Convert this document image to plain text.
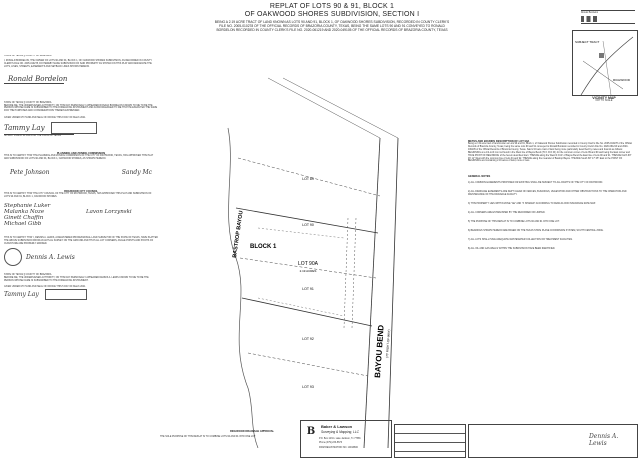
REPLAT OF LOTS 90 & 91, BLOCK 1
OF OAKWOOD SHORES SUBDIVISION, SECTION I
BEING A 2.19 ACRE TRACT OF LAND KNOWN AS LOTS 90 AND 91, BLOCK 1, OF OAKWOOD SHORES SUBDIVISION, RECORDED IN COUNTY CLERK'S FILE NO. 2005-010278 OF THE OFFICIAL RECORDS OF BRAZORIA COUNTY, TEXAS, BEING THE SAME LOTS 90 AND 91 CONVEYED TO RONALD BORDELON RECORDED IN COUNTY CLERK'S FILE NO. 2020-061219 AND 2020-049105 OF THE OFFICIAL RECORDS OF BRAZORIA COUNTY, TEXAS
Ronald Bordelon
STATE OF TEXAS § COUNTY OF BRAZORIA
I, RONALD BORDELON, THE OWNER OF LOTS 90 AND 91, BLOCK 1, OF OAKWOOD SHORES SUBDIVISION, AS RECORDED IN COUNTY CLERK'S FILE NO. 2005-010278, DO HEREBY MAKE SUBDIVISION OF SAID PROPERTY AS SHOWN ON THIS PLAT AND DESIGNATE THE LOTS, LINES, STREETS, EASEMENTS AND SETBACK LINES SHOWN HEREON.
Ronald Bordelon
STATE OF TEXAS § COUNTY OF BRAZORIA
BEFORE ME, THE UNDERSIGNED AUTHORITY, ON THIS DAY PERSONALLY APPEARED RONALD BORDELON KNOWN TO ME TO BE THE PERSON WHOSE NAME IS SUBSCRIBED TO THE FOREGOING INSTRUMENT AND ACKNOWLEDGED TO ME THAT HE EXECUTED THE SAME FOR THE PURPOSES AND CONSIDERATIONS THEREIN EXPRESSED.
GIVEN UNDER MY HAND AND SEAL OF OFFICE THIS 8 DAY OF March 2021.
Tammy Lay
NOTARY PUBLIC IN AND FOR THE STATE OF TEXAS
PLANNING AND ZONING COMMISSION
THIS IS TO CERTIFY THAT THE PLANNING AND ZONING COMMISSION OF THE CITY OF RICHWOOD, TEXAS, HAS APPROVED THIS PLAT AND SUBDIVISION OF LOTS 90 AND 91, BLOCK 1, OAKWOOD SHORES, AS SHOWN HEREON.
Pete Johnson	Sandy Mc
RICHWOOD CITY COUNCIL
THIS IS TO CERTIFY THAT THE CITY COUNCIL OF THE CITY OF RICHWOOD, TEXAS, HAS APPROVED THIS PLAT AND SUBDIVISION OF LOTS 90 AND 91, BLOCK 1, OAKWOOD SHORES.
Stephanie Luker
Malanka Noze
Ginett Chaffin
Michael Gibb
Lavon Lorzynski
THIS IS TO CERTIFY THAT I, DENNIS A. LEWIS, A REGISTERED PROFESSIONAL LAND SURVEYOR OF THE STATE OF TEXAS, HAVE PLATTED THE ABOVE SUBDIVISION FROM AN ACTUAL SURVEY ON THE GROUND AND THAT ALL LOT CORNERS, ANGLE POINTS AND POINTS OF CURVATURE ARE PROPERLY MARKED.
Dennis A. Lewis
STATE OF TEXAS § COUNTY OF BRAZORIA
BEFORE ME, THE UNDERSIGNED AUTHORITY, ON THIS DAY PERSONALLY APPEARED DENNIS A. LEWIS KNOWN TO ME TO BE THE PERSON WHOSE NAME IS SUBSCRIBED TO THE FOREGOING INSTRUMENT.
GIVEN UNDER MY HAND AND SEAL OF OFFICE THIS 5 DAY OF March 2021.
Tammy Lay
LOT 89
LOT 90
LOT 91
LOT 92
LOT 93
BLOCK 1
LOT 90A
2.19 ACRES
BASTROP BAYOU
BAYOU BEND (70' RIGHT-OF-WAY)
SUBJECT TRACT
RICHWOOD
VICINITY MAP
NOT TO SCALE
METES AND BOUNDS DESCRIPTION OF LOT 90A
Being a 2.19 acre tract of land known as Lots 90 and 91, Block 1, of Oakwood Shores Subdivision recorded in County Clerk's File No. 2005-010278 of the Official Records of Brazoria County, Texas; being the same Lots 90 and 91 conveyed to Ronald Bordelon recorded in County Clerk's File No. 2020-061219 and 2020-049105 of the Official Records of Brazoria County, Texas. Said 2.19 acre tract of land being more particularly described by metes and bounds as follows: BEGINNING at a 1/2-inch iron rod found in the West line of Bayou Bend (70 ft. R.O.W.) for the common corner of Lots 89 and 90 and being the East corner and TRUE POINT OF BEGINNING of the herein described tract. THENCE along the West R.O.W. of Bayou Bend the East line of Lots 90 and 91. THENCE North 69° 46' 11" West with the common line of Lots 91 and 92. THENCE along the meander of Bastrop Bayou. THENCE South 69° 17' 05" East to the POINT OF BEGINNING and containing 2.19 acres of land, more or less.
GENERAL NOTES
1) ALL COMMON EASEMENTS PROPOSED OR EXISTING SHALL BE SUBJECT TO ALL RIGHTS OF THE CITY OF RICHWOOD.
2) ALL DRAINAGE EASEMENTS ARE KEPT CLEAR OF FENCES, BUILDINGS, VEGETATION AND OTHER OBSTRUCTIONS TO THE OPERATION AND MAINTENANCE OF THE DRAINAGE FACILITY.
3) THIS PROPERTY LIES WITHIN ZONE "AE" AND "X SHADED" ACCORDING TO FEMA FLOOD INSURANCE RATE MAP.
4) ALL CORNERS ARE ESTABLISHED BY THE RECORDED OR LIMITED.
5) THE PURPOSE OF THIS REPLAT IS TO COMBINE LOTS 90 AND 91 INTO ONE LOT.
6) BEARINGS SHOWN HEREON ARE BASED ON THE TEXAS STATE PLANE COORDINATE SYSTEM, SOUTH CENTRAL ZONE.
7) ALL LOTS SHALL HAVE ADEQUATE WASTEWATER COLLECTION OR TREATMENT FACILITIES.
8) ALL OIL AND GAS WELLS WITHIN THE SUBDIVISION HAVE BEEN IDENTIFIED.
THE SOLE PURPOSE OF THIS REPLAT IS TO COMBINE LOTS 90 AND 91 INTO ONE LOT.
RICHWOOD DRAINAGE APPROVAL	B	Baker & Lawson
Surveying & Mapping, LLC
P.O. Box 1234 • Lake Jackson, Tx 77566
Phone (979) 233-5676
FIRM REGISTRATION NO. 10193800
Dennis A. Lewis
